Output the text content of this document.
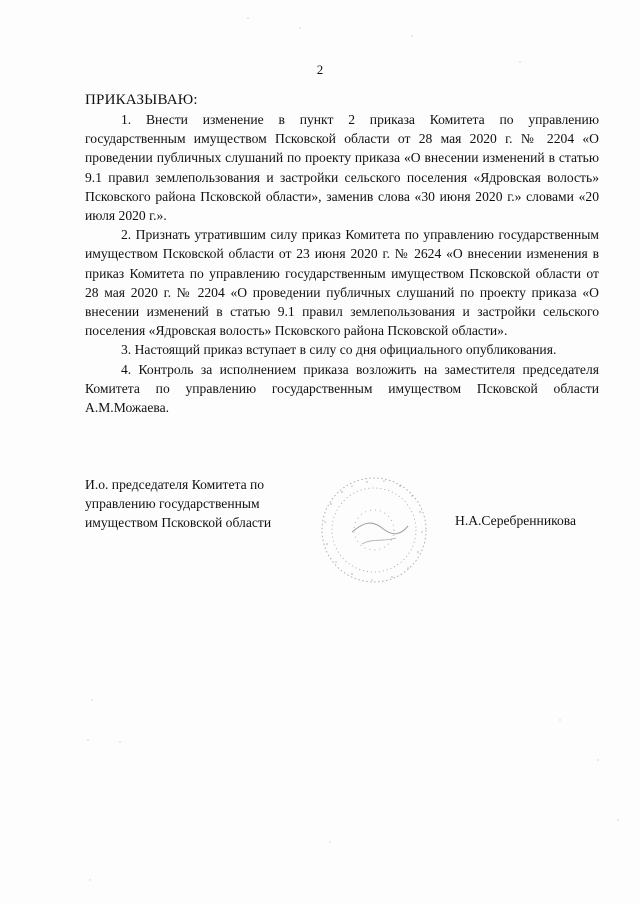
2
ПРИКАЗЫВАЮ:

1. Внести изменение в пункт 2 приказа Комитета по управлению государственным имуществом Псковской области от 28 мая 2020 г. № 2204 «О проведении публичных слушаний по проекту приказа «О внесении изменений в статью 9.1 правил землепользования и застройки сельского поселения «Ядровская волость» Псковского района Псковской области», заменив слова «30 июня 2020 г.» словами «20 июля 2020 г.».

2. Признать утратившим силу приказ Комитета по управлению государственным имуществом Псковской области от 23 июня 2020 г. № 2624 «О внесении изменения в приказ Комитета по управлению государственным имуществом Псковской области от 28 мая 2020 г. № 2204 «О проведении публичных слушаний по проекту приказа «О внесении изменений в статью 9.1 правил землепользования и застройки сельского поселения «Ядровская волость» Псковского района Псковской области».

3. Настоящий приказ вступает в силу со дня официального опубликования.

4. Контроль за исполнением приказа возложить на заместителя председателя Комитета по управлению государственным имуществом Псковской области А.М.Можаева.

И.о. председателя Комитета по
управлению государственным
имуществом Псковской области	Н.А.Серебренникова
